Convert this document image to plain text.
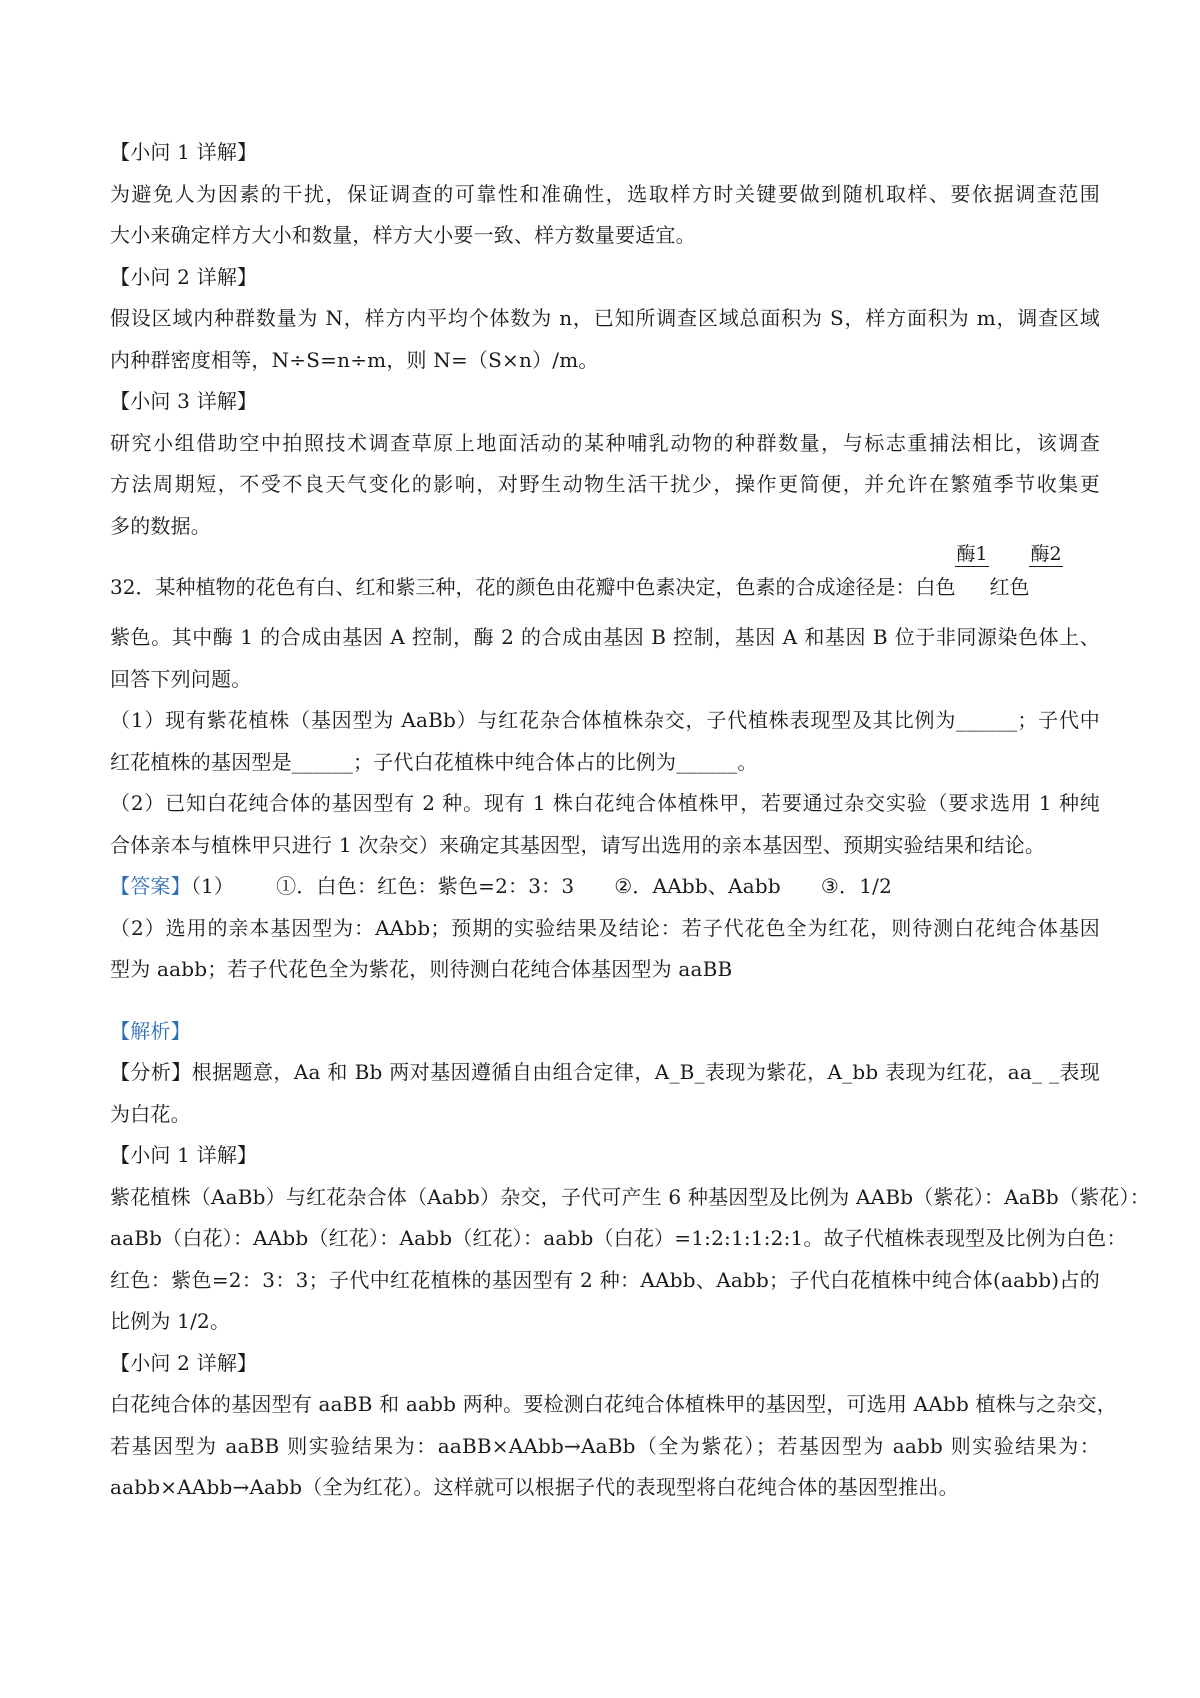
【小问 1 详解】
为避免人为因素的干扰，保证调查的可靠性和准确性，选取样方时关键要做到随机取样、要依据调查范围
大小来确定样方大小和数量，样方大小要一致、样方数量要适宜。
【小问 2 详解】
假设区域内种群数量为 N，样方内平均个体数为 n，已知所调查区域总面积为 S，样方面积为 m，调查区域
内种群密度相等，N÷S=n÷m，则 N=（S×n）/m。
【小问 3 详解】
研究小组借助空中拍照技术调查草原上地面活动的某种哺乳动物的种群数量，与标志重捕法相比，该调查
方法周期短，不受不良天气变化的影响，对野生动物生活干扰少，操作更简便，并允许在繁殖季节收集更
多的数据。
32．某种植物的花色有白、红和紫三种，花的颜色由花瓣中色素决定，色素的合成途径是：白色
酶1
红色
酶2
紫色。其中酶 1 的合成由基因 A 控制，酶 2 的合成由基因 B 控制，基因 A 和基因 B 位于非同源染色体上、
回答下列问题。
（1）现有紫花植株（基因型为 AaBb）与红花杂合体植株杂交，子代植株表现型及其比例为______；子代中
红花植株的基因型是______；子代白花植株中纯合体占的比例为______。
（2）已知白花纯合体的基因型有 2 种。现有 1 株白花纯合体植株甲，若要通过杂交实验（要求选用 1 种纯
合体亲本与植株甲只进行 1 次杂交）来确定其基因型，请写出选用的亲本基因型、预期实验结果和结论。
【答案】（1） ①．白色：红色：紫色=2：3：3 ②．AAbb、Aabb ③．1/2
（2）选用的亲本基因型为：AAbb；预期的实验结果及结论：若子代花色全为红花，则待测白花纯合体基因
型为 aabb；若子代花色全为紫花，则待测白花纯合体基因型为 aaBB
【解析】
【分析】根据题意，Aa 和 Bb 两对基因遵循自由组合定律，A_B_表现为紫花，A_bb 表现为红花，aa_ _表现
为白花。
【小问 1 详解】
紫花植株（AaBb）与红花杂合体（Aabb）杂交，子代可产生 6 种基因型及比例为 AABb（紫花）：AaBb（紫花）：
aaBb（白花）：AAbb（红花）：Aabb（红花）：aabb（白花）=1:2:1:1:2:1。故子代植株表现型及比例为白色：
红色：紫色=2：3：3；子代中红花植株的基因型有 2 种：AAbb、Aabb；子代白花植株中纯合体(aabb)占的
比例为 1/2。
【小问 2 详解】
白花纯合体的基因型有 aaBB 和 aabb 两种。要检测白花纯合体植株甲的基因型，可选用 AAbb 植株与之杂交，
若基因型为 aaBB 则实验结果为：aaBB×AAbb→AaBb（全为紫花）；若基因型为 aabb 则实验结果为：
aabb×AAbb→Aabb（全为红花）。这样就可以根据子代的表现型将白花纯合体的基因型推出。
